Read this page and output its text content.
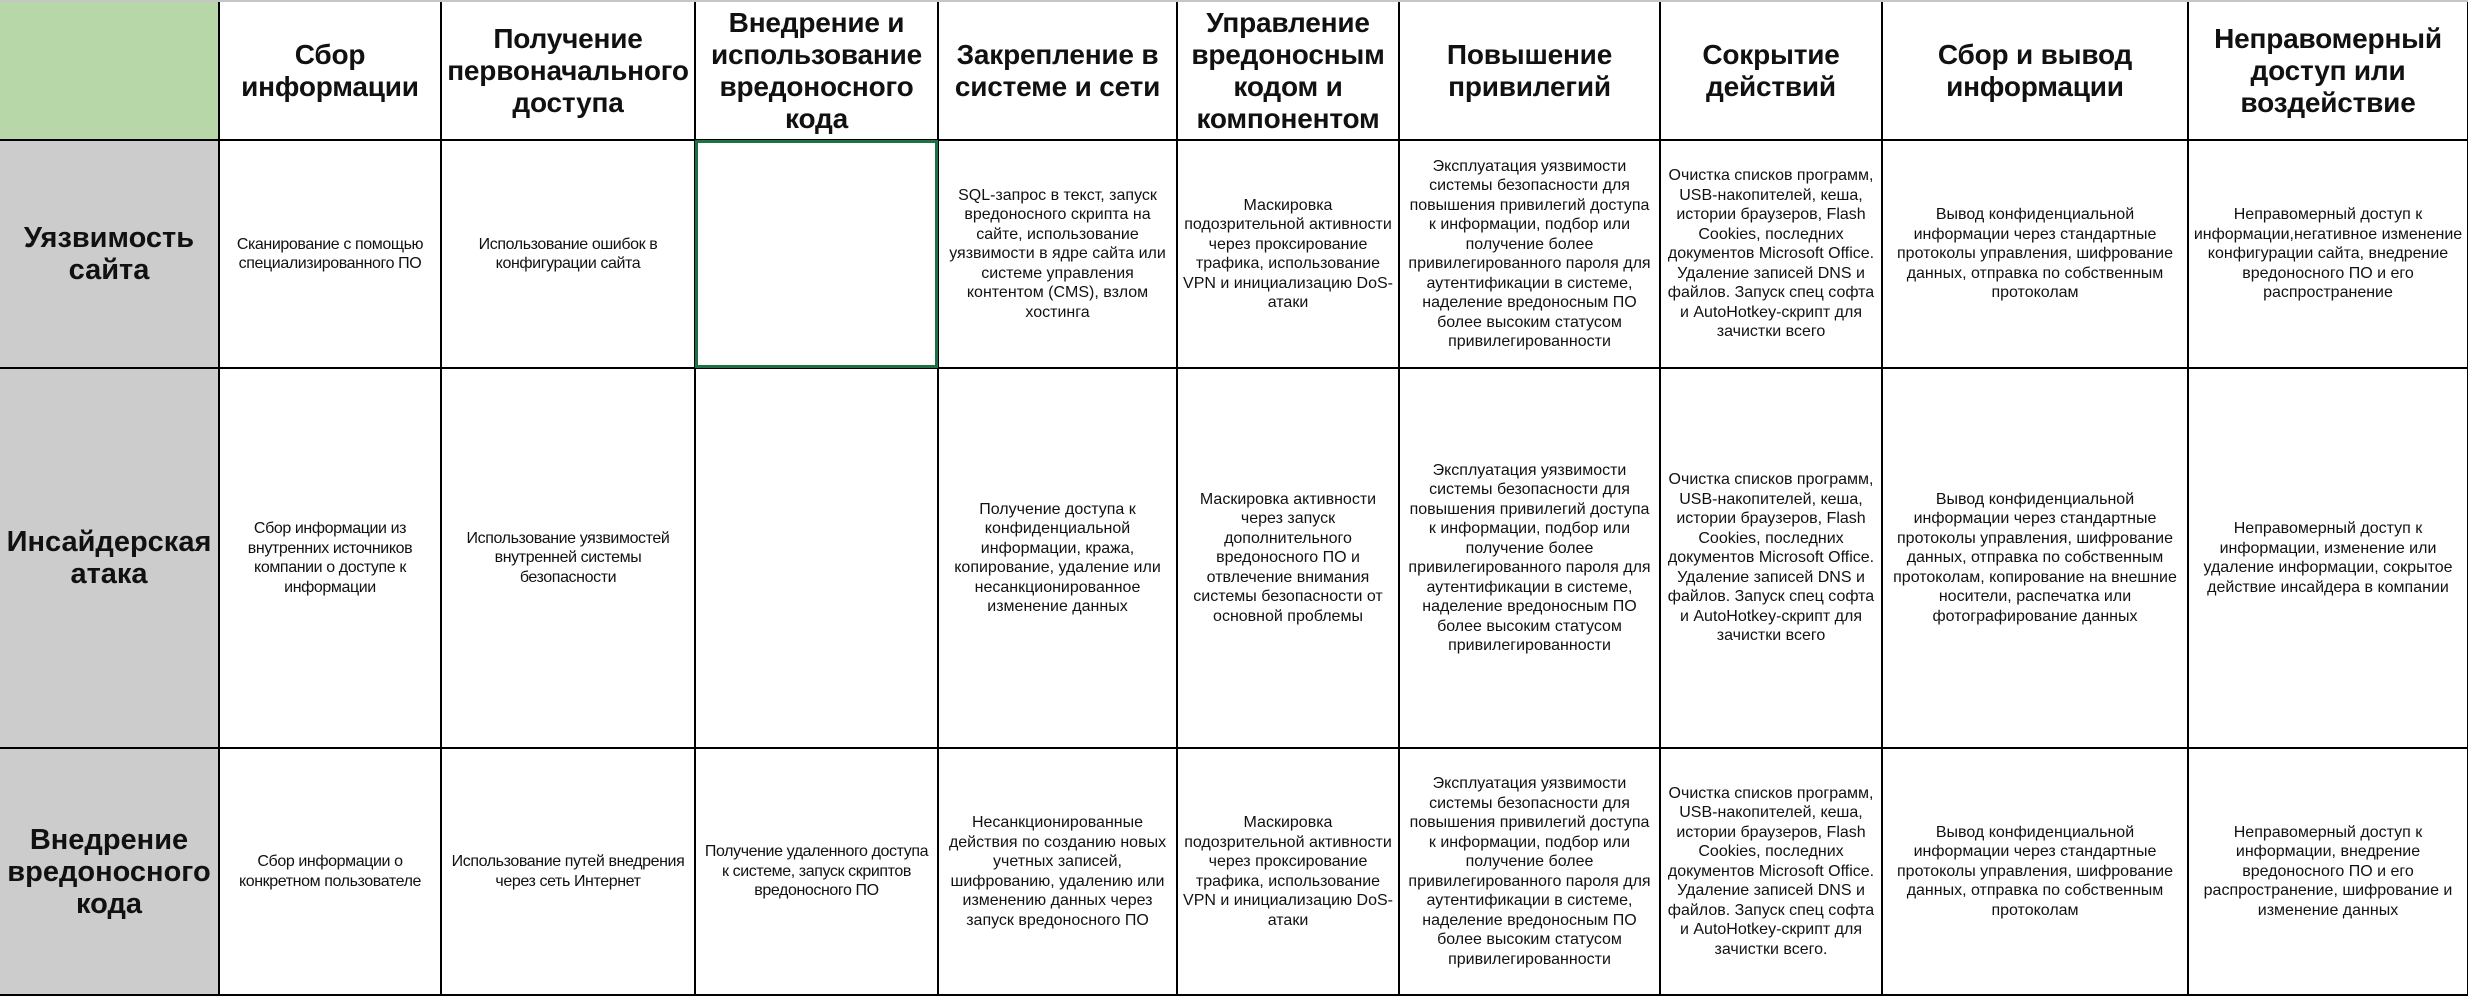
	Сбор информации	Получение первоначального доступа	Внедрение и использование вредоносного кода	Закрепление в системе и сети	Управление вредоносным кодом и компонентом	Повышение привилегий	Сокрытие действий	Сбор и вывод информации	Неправомерный доступ или воздействие
Уязвимость сайта	Сканирование с помощью специализированного ПО	Использование ошибок в конфигурации сайта		SQL-запрос в текст, запуск вредоносного скрипта на сайте, использование уязвимости в ядре сайта или системе управления контентом (CMS), взлом хостинга	Маскировка подозрительной активности через проксирование трафика, использование VPN и инициализацию DoS-атаки	Эксплуатация уязвимости системы безопасности для повышения привилегий доступа к информации, подбор или получение более привилегированного пароля для аутентификации в системе, наделение вредоносным ПО более высоким статусом привилегированности	Очистка списков программ, USB-накопителей, кеша, истории браузеров, Flash Cookies, последних документов Microsoft Office. Удаление записей DNS и файлов. Запуск спец софта и AutoHotkey-скрипт для зачистки всего	Вывод конфиденциальной информации через стандартные протоколы управления, шифрование данных, отправка по собственным протоколам	Неправомерный доступ к информации,негативное изменение конфигурации сайта, внедрение вредоносного ПО и его распространение
Инсайдерская атака	Сбор информации из внутренних источников компании о доступе к информации	Использование уязвимостей внутренней системы безопасности		Получение доступа к конфиденциальной информации, кража, копирование, удаление или несанкционированное изменение данных	Маскировка активности через запуск дополнительного вредоносного ПО и отвлечение внимания системы безопасности от основной проблемы	Эксплуатация уязвимости системы безопасности для повышения привилегий доступа к информации, подбор или получение более привилегированного пароля для аутентификации в системе, наделение вредоносным ПО более высоким статусом привилегированности	Очистка списков программ, USB-накопителей, кеша, истории браузеров, Flash Cookies, последних документов Microsoft Office. Удаление записей DNS и файлов. Запуск спец софта и AutoHotkey-скрипт для зачистки всего	Вывод конфиденциальной информации через стандартные протоколы управления, шифрование данных, отправка по собственным протоколам, копирование на внешние носители, распечатка или фотографирование данных	Неправомерный доступ к информации, изменение или удаление информации, сокрытое действие инсайдера в компании
Внедрение вредоносного кода	Сбор информации о конкретном пользователе	Использование путей внедрения через сеть Интернет	Получение удаленного доступа к системе, запуск скриптов вредоносного ПО	Несанкционированные действия по созданию новых учетных записей, шифрованию, удалению или изменению данных через запуск вредоносного ПО	Маскировка подозрительной активности через проксирование трафика, использование VPN и инициализацию DoS-атаки	Эксплуатация уязвимости системы безопасности для повышения привилегий доступа к информации, подбор или получение более привилегированного пароля для аутентификации в системе, наделение вредоносным ПО более высоким статусом привилегированности	Очистка списков программ, USB-накопителей, кеша, истории браузеров, Flash Cookies, последних документов Microsoft Office. Удаление записей DNS и файлов. Запуск спец софта и AutoHotkey-скрипт для зачистки всего.	Вывод конфиденциальной информации через стандартные протоколы управления, шифрование данных, отправка по собственным протоколам	Неправомерный доступ к информации, внедрение вредоносного ПО и его распространение, шифрование и изменение данных
